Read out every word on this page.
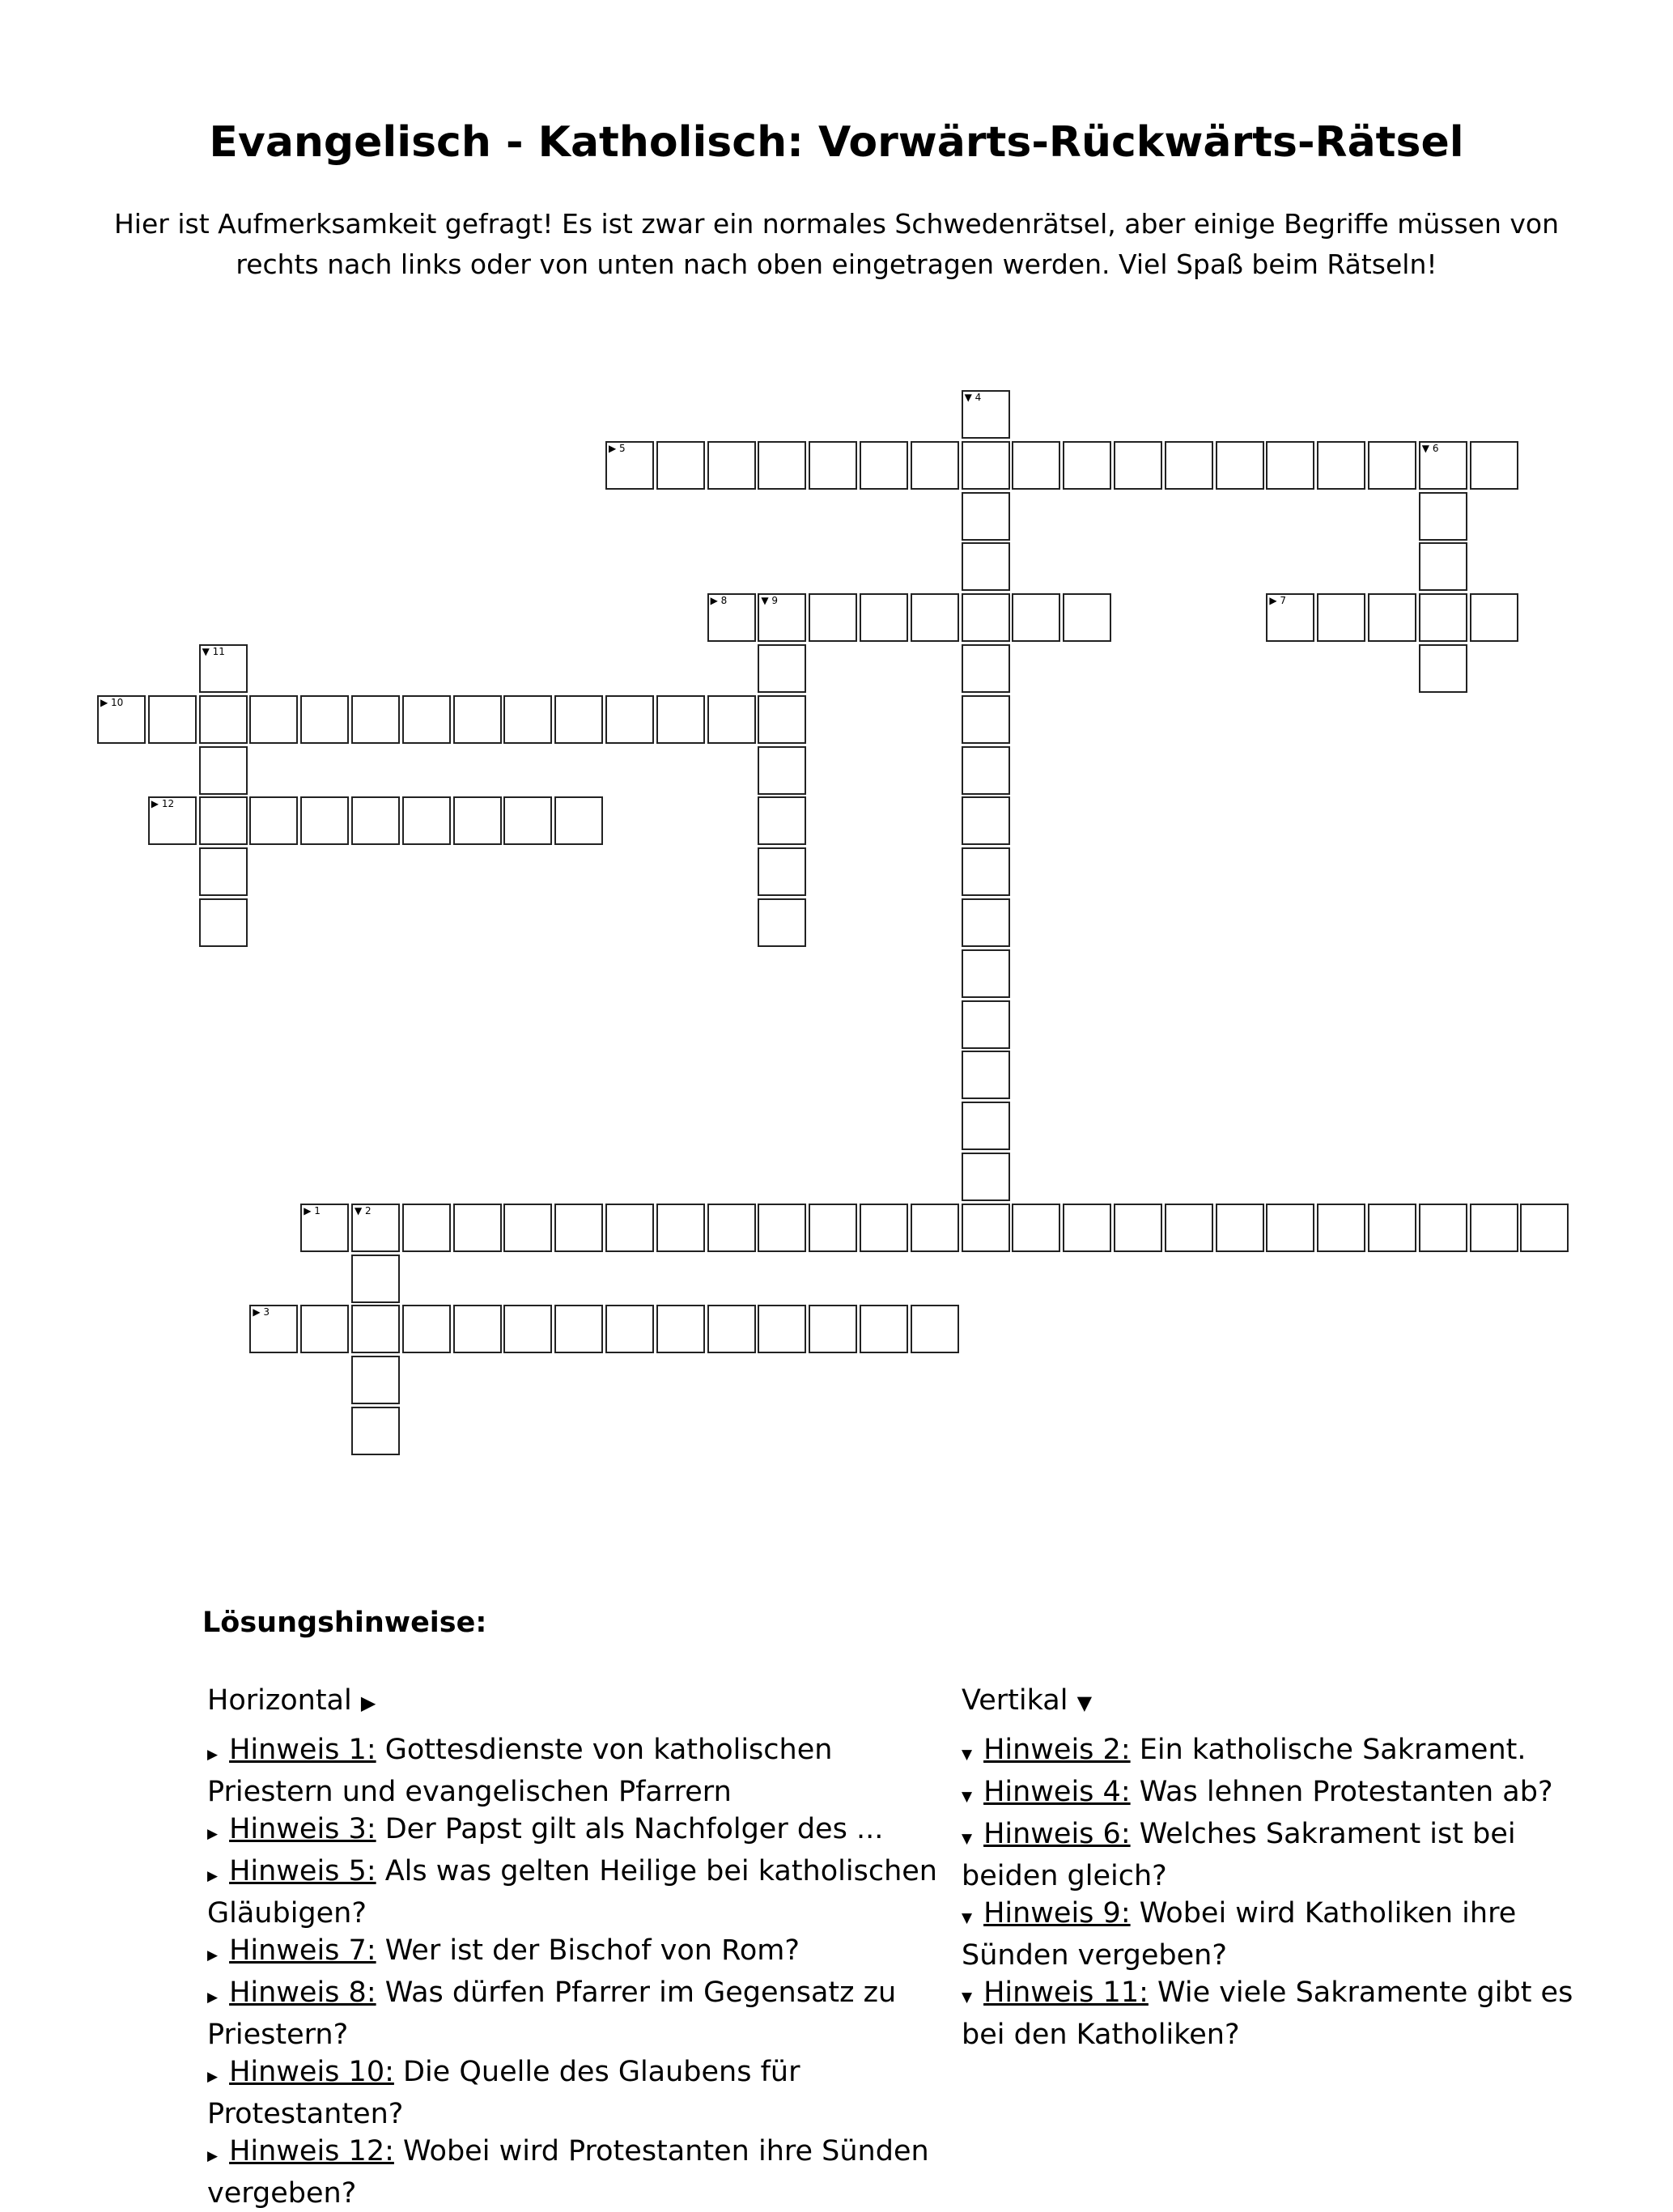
Evangelisch - Katholisch: Vorwärts-Rückwärts-Rätsel
Hier ist Aufmerksamkeit gefragt! Es ist zwar ein normales Schwedenrätsel, aber einige Begriffe müssen von rechts nach links oder von unten nach oben eingetragen werden. Viel Spaß beim Rätseln!
▶ 1	▼ 2
▶ 3
▼ 4
▶ 5	▼ 6
▶ 7
▶ 8	▼ 9
▶ 10
▼ 11
▶ 12
Lösungshinweise:
Horizontal ▶
▶ Hinweis 1: Gottesdienste von katholischen Priestern und evangelischen Pfarrern
▶ Hinweis 3: Der Papst gilt als Nachfolger des ...
▶ Hinweis 5: Als was gelten Heilige bei katholischen Gläubigen?
▶ Hinweis 7: Wer ist der Bischof von Rom?
▶ Hinweis 8: Was dürfen Pfarrer im Gegensatz zu Priestern?
▶ Hinweis 10: Die Quelle des Glaubens für Protestanten?
▶ Hinweis 12: Wobei wird Protestanten ihre Sünden vergeben?
Vertikal ▼
▼ Hinweis 2: Ein katholische Sakrament.
▼ Hinweis 4: Was lehnen Protestanten ab?
▼ Hinweis 6: Welches Sakrament ist bei beiden gleich?
▼ Hinweis 9: Wobei wird Katholiken ihre Sünden vergeben?
▼ Hinweis 11: Wie viele Sakramente gibt es bei den Katholiken?
